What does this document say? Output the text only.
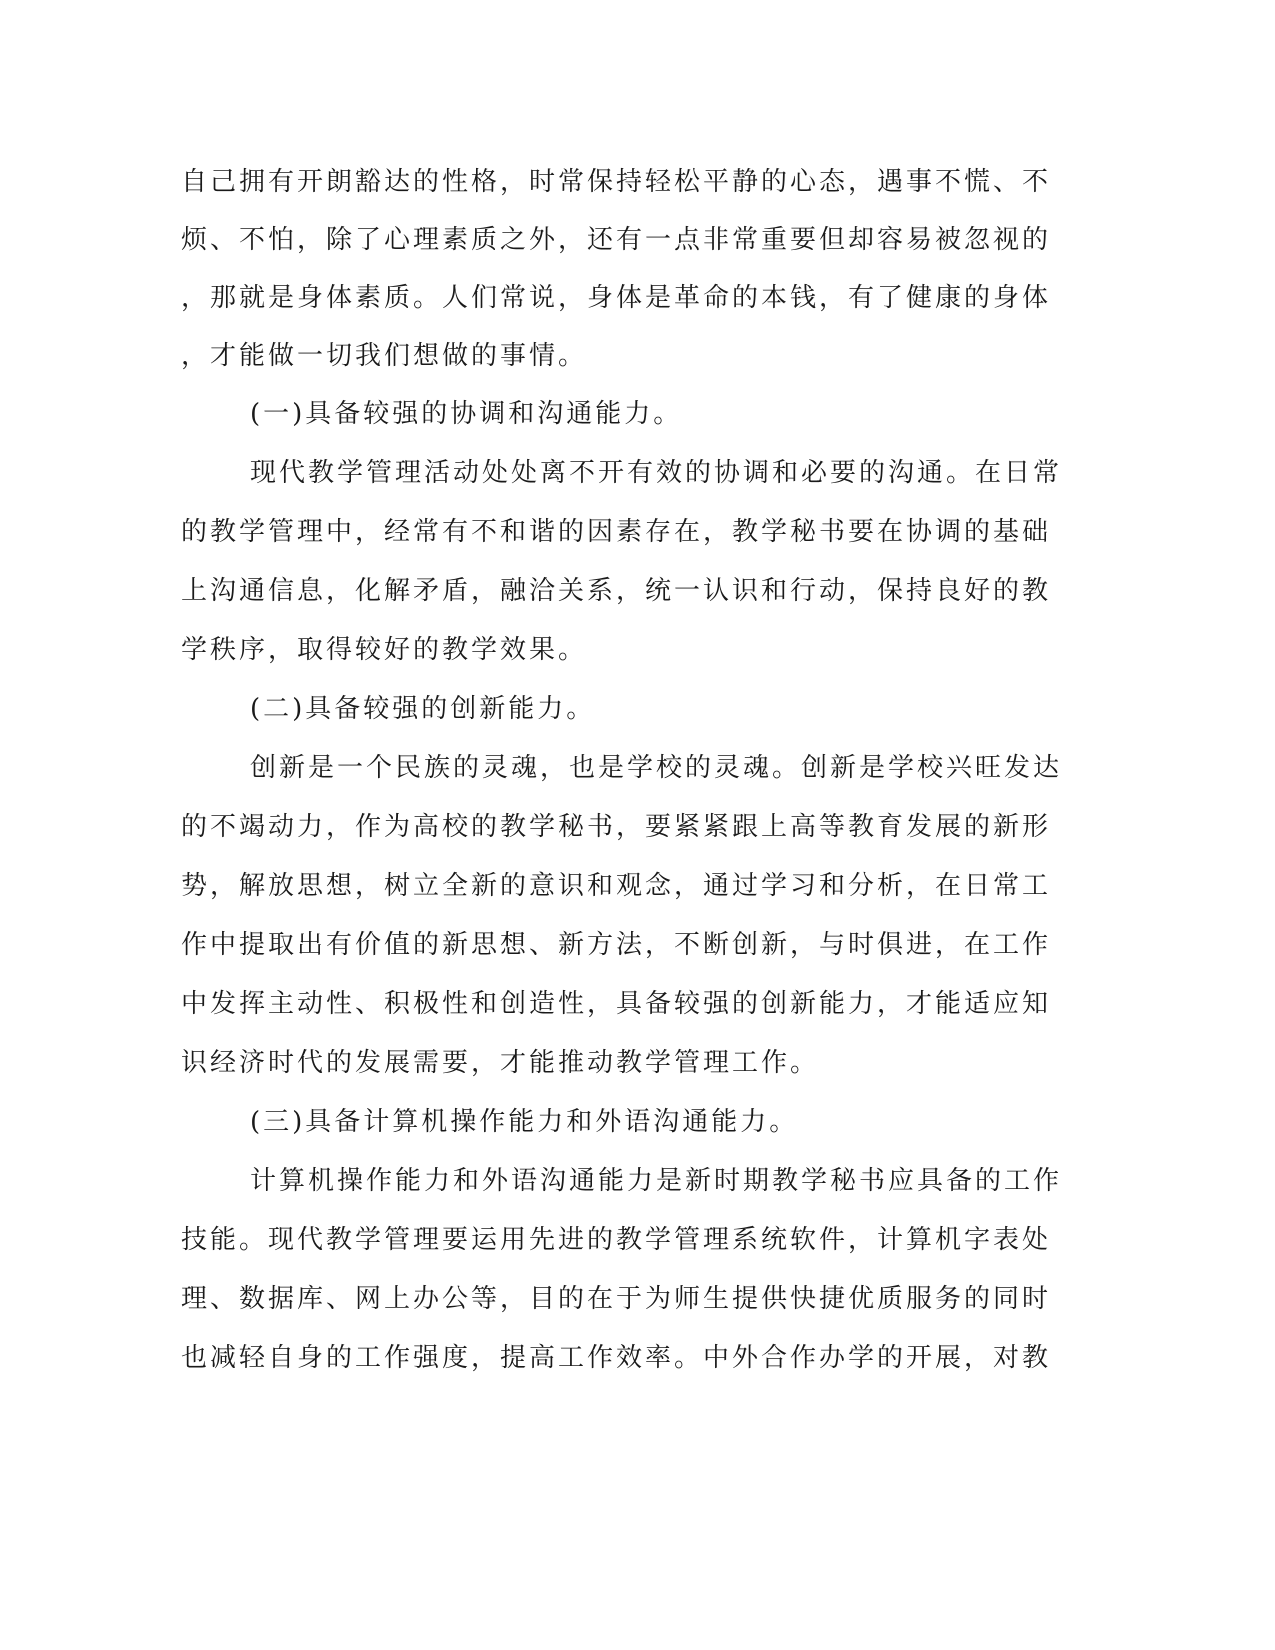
自己拥有开朗豁达的性格，时常保持轻松平静的心态，遇事不慌、不
烦、不怕，除了心理素质之外，还有一点非常重要但却容易被忽视的
，那就是身体素质。人们常说，身体是革命的本钱，有了健康的身体
，才能做一切我们想做的事情。
(一)具备较强的协调和沟通能力。
现代教学管理活动处处离不开有效的协调和必要的沟通。在日常
的教学管理中，经常有不和谐的因素存在，教学秘书要在协调的基础
上沟通信息，化解矛盾，融洽关系，统一认识和行动，保持良好的教
学秩序，取得较好的教学效果。
(二)具备较强的创新能力。
创新是一个民族的灵魂，也是学校的灵魂。创新是学校兴旺发达
的不竭动力，作为高校的教学秘书，要紧紧跟上高等教育发展的新形
势，解放思想，树立全新的意识和观念，通过学习和分析，在日常工
作中提取出有价值的新思想、新方法，不断创新，与时俱进，在工作
中发挥主动性、积极性和创造性，具备较强的创新能力，才能适应知
识经济时代的发展需要，才能推动教学管理工作。
(三)具备计算机操作能力和外语沟通能力。
计算机操作能力和外语沟通能力是新时期教学秘书应具备的工作
技能。现代教学管理要运用先进的教学管理系统软件，计算机字表处
理、数据库、网上办公等，目的在于为师生提供快捷优质服务的同时
也减轻自身的工作强度，提高工作效率。中外合作办学的开展，对教
